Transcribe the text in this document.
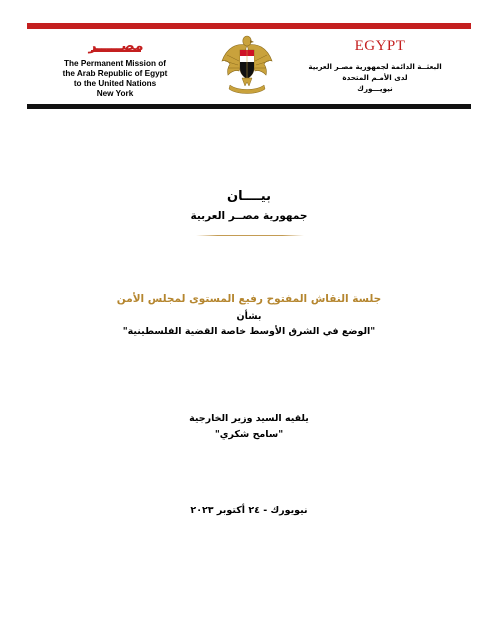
مصـــــر
The Permanent Mission of
the Arab Republic of Egypt
to the United Nations
New York
EGYPT
البعثــة الدائمة لجمهورية مصـر العربية
لدى الأمـم المتحدة
نيويـــورك
بيــــان
جمهورية مصــر العربية
جلسة النقاش المفتوح رفيع المستوى لمجلس الأمن
بشأن
"الوضع في الشرق الأوسط خاصة القضية الفلسطينية"
يلقيه السيد وزير الخارجية
"سامح شكري"
نيويورك - ٢٤ أكتوبر ٢٠٢٣
